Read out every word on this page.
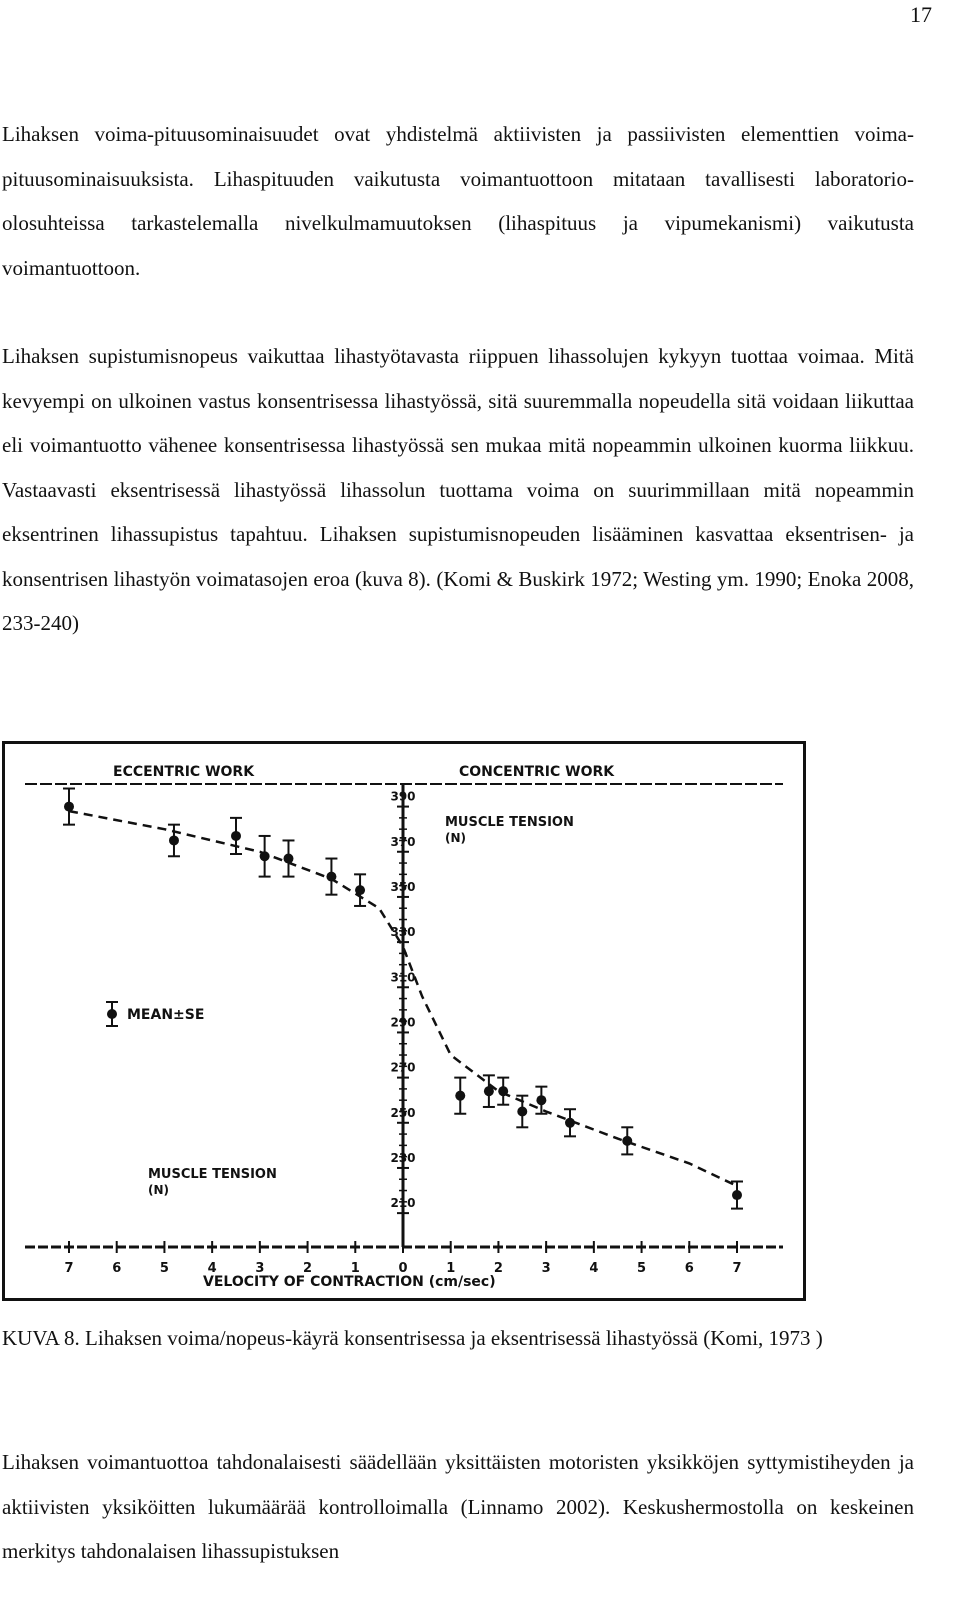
17

Lihaksen voima-pituusominaisuudet ovat yhdistelmä aktiivisten ja passiivisten elementtien voima-pituusominaisuuksista. Lihaspituuden vaikutusta voimantuottoon mitataan tavallisesti laboratorio-olosuhteissa tarkastelemalla nivelkulmamuutoksen (lihaspituus ja vipumekanismi) vaikutusta voimantuottoon.

Lihaksen supistumisnopeus vaikuttaa lihastyötavasta riippuen lihassolujen kykyyn tuottaa voimaa. Mitä kevyempi on ulkoinen vastus konsentrisessa lihastyössä, sitä suuremmalla nopeudella sitä voidaan liikuttaa eli voimantuotto vähenee konsentrisessa lihastyössä sen mukaa mitä nopeammin ulkoinen kuorma liikkuu. Vastaavasti eksentrisessä lihastyössä lihassolun tuottama voima on suurimmillaan mitä nopeammin eksentrinen lihassupistus tapahtuu. Lihaksen supistumisnopeuden lisääminen kasvattaa eksentrisen- ja konsentrisen lihastyön voimatasojen eroa (kuva 8). (Komi & Buskirk 1972; Westing ym. 1990; Enoka 2008, 233-240)

7	6	5	4	3	2	1	0	1	2	3	4	5	6	7
390
370
350
330
310
290
270
250
230
210
ECCENTRIC WORK	CONCENTRIC WORK
MUSCLE TENSION
(N)
MEAN±SE
MUSCLE TENSION
(N)
VELOCITY OF CONTRACTION (cm/sec)

KUVA 8. Lihaksen voima/nopeus-käyrä konsentrisessa ja eksentrisessä lihastyössä (Komi, 1973 )

Lihaksen voimantuottoa tahdonalaisesti säädellään yksittäisten motoristen yksikköjen syttymistiheyden ja aktiivisten yksiköitten lukumäärää kontrolloimalla (Linnamo 2002). Keskushermostolla on keskeinen merkitys tahdonalaisen lihassupistuksen
